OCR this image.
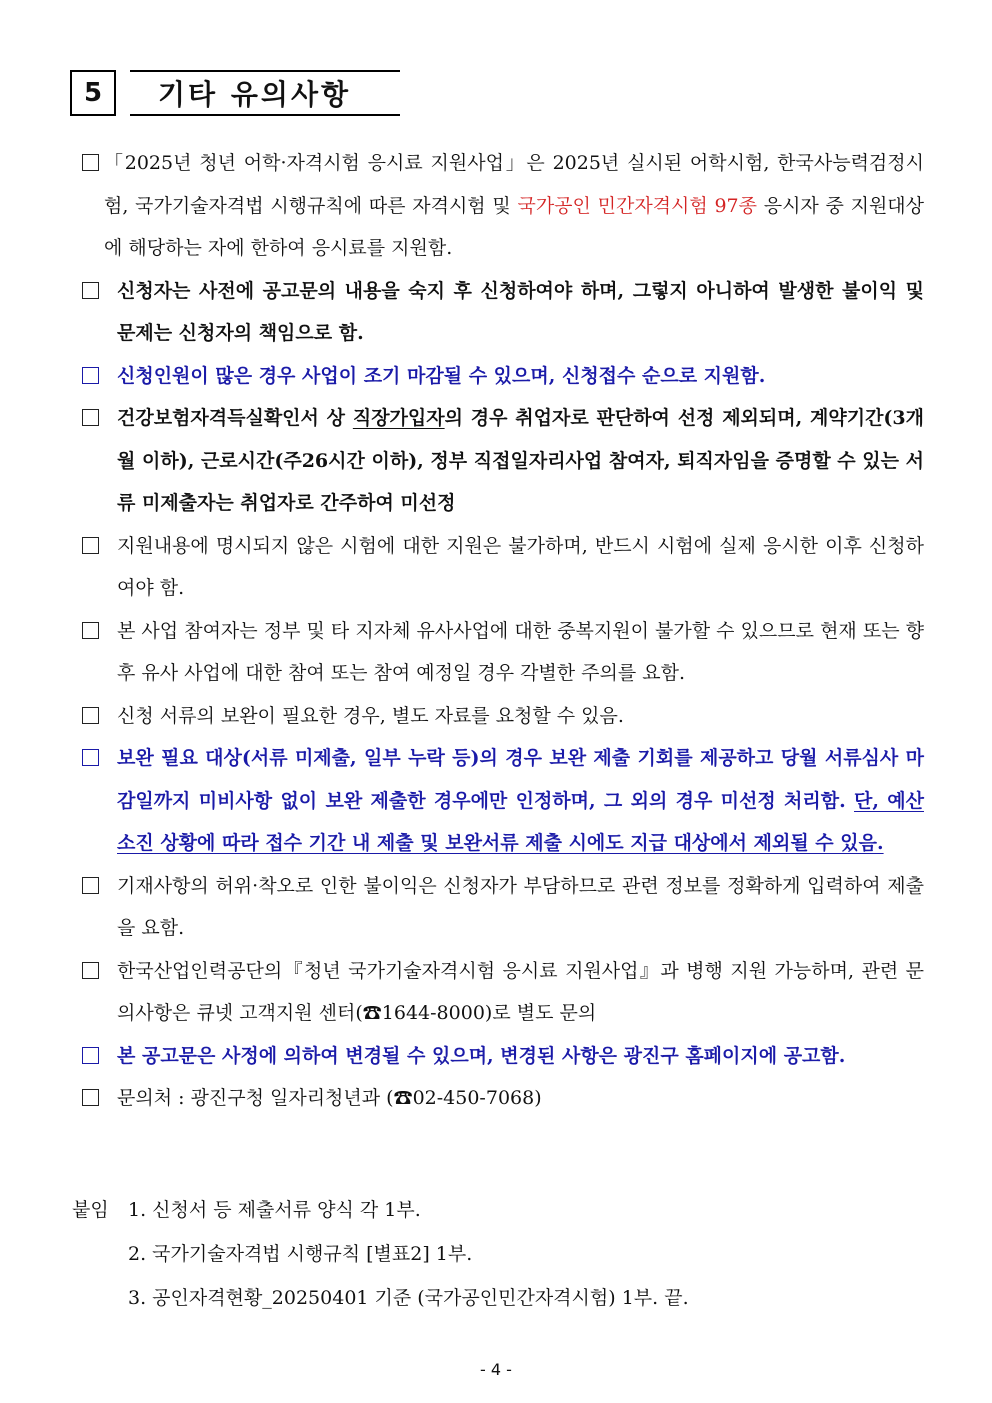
5	기타 유의사항
「2025년 청년 어학·자격시험 응시료 지원사업」은 2025년 실시된 어학시험, 한국사능력검정시험, 국가기술자격법 시행규칙에 따른 자격시험 및 국가공인 민간자격시험 97종 응시자 중 지원대상에 해당하는 자에 한하여 응시료를 지원함.
신청자는 사전에 공고문의 내용을 숙지 후 신청하여야 하며, 그렇지 아니하여 발생한 불이익 및 문제는 신청자의 책임으로 함.
신청인원이 많은 경우 사업이 조기 마감될 수 있으며, 신청접수 순으로 지원함.
건강보험자격득실확인서 상 직장가입자의 경우 취업자로 판단하여 선정 제외되며, 계약기간(3개월 이하), 근로시간(주26시간 이하), 정부 직접일자리사업 참여자, 퇴직자임을 증명할 수 있는 서류 미제출자는 취업자로 간주하여 미선정
지원내용에 명시되지 않은 시험에 대한 지원은 불가하며, 반드시 시험에 실제 응시한 이후 신청하여야 함.
본 사업 참여자는 정부 및 타 지자체 유사사업에 대한 중복지원이 불가할 수 있으므로 현재 또는 향후 유사 사업에 대한 참여 또는 참여 예정일 경우 각별한 주의를 요함.
신청 서류의 보완이 필요한 경우, 별도 자료를 요청할 수 있음.
보완 필요 대상(서류 미제출, 일부 누락 등)의 경우 보완 제출 기회를 제공하고 당월 서류심사 마감일까지 미비사항 없이 보완 제출한 경우에만 인정하며, 그 외의 경우 미선정 처리함. 단, 예산 소진 상황에 따라 접수 기간 내 제출 및 보완서류 제출 시에도 지급 대상에서 제외될 수 있음.
기재사항의 허위·착오로 인한 불이익은 신청자가 부담하므로 관련 정보를 정확하게 입력하여 제출을 요함.
한국산업인력공단의『청년 국가기술자격시험 응시료 지원사업』과 병행 지원 가능하며, 관련 문의사항은 큐넷 고객지원 센터(☎1644-8000)로 별도 문의
본 공고문은 사정에 의하여 변경될 수 있으며, 변경된 사항은 광진구 홈페이지에 공고함.
문의처 : 광진구청 일자리청년과 (☎02-450-7068)
붙임	1. 신청서 등 제출서류 양식 각 1부.
2. 국가기술자격법 시행규칙 [별표2] 1부.
3. 공인자격현황_20250401 기준 (국가공인민간자격시험) 1부. 끝.
- 4 -
